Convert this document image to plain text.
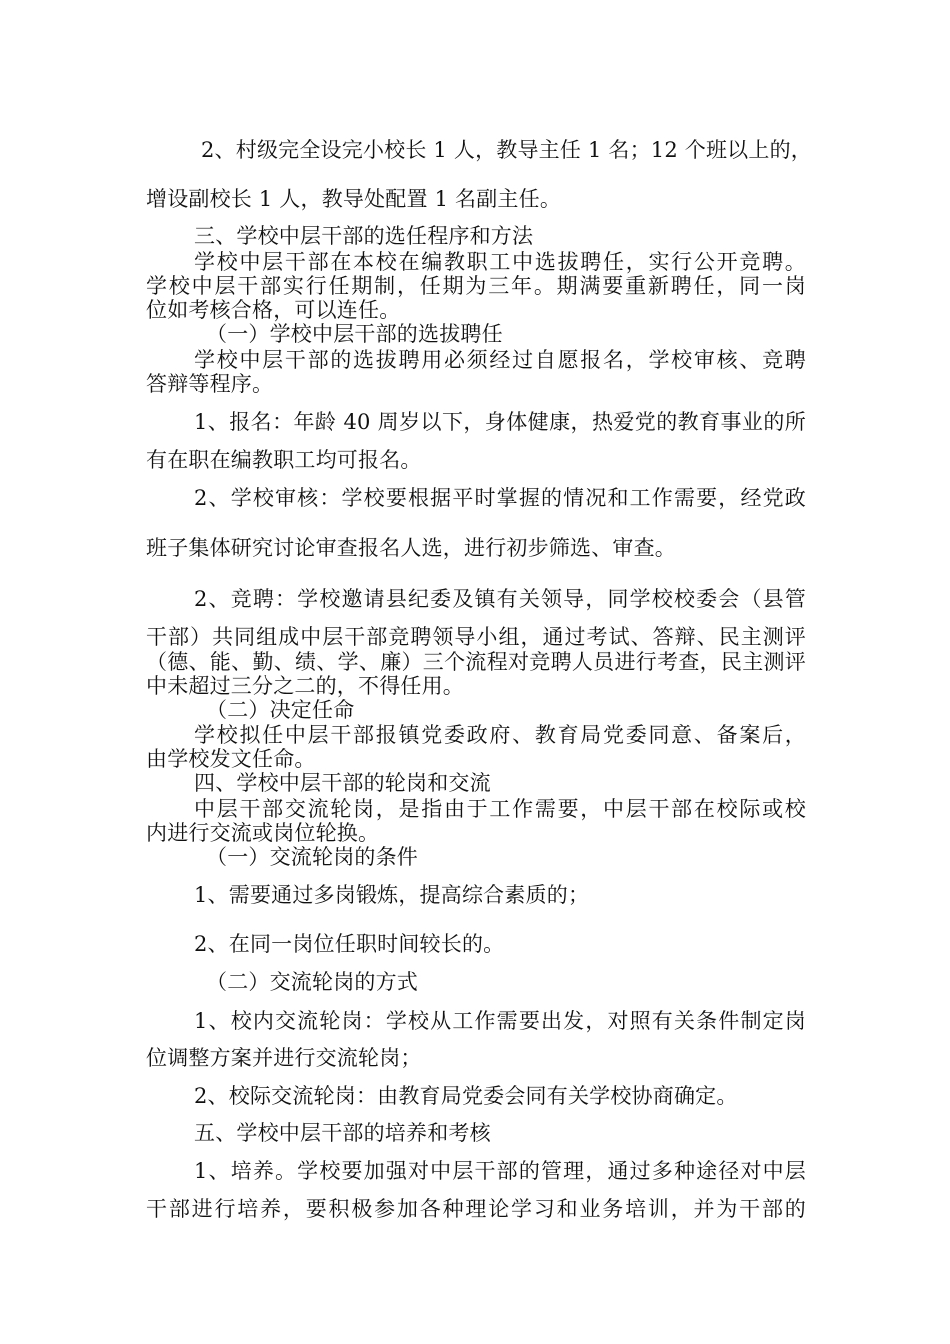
2、村级完全设完小校长 1 人，教导主任 1 名；12 个班以上的，
增设副校长 1 人，教导处配置 1 名副主任。
三、学校中层干部的选任程序和方法
学校中层干部在本校在编教职工中选拔聘任，实行公开竞聘。
学校中层干部实行任期制，任期为三年。期满要重新聘任，同一岗
位如考核合格，可以连任。
（一）学校中层干部的选拔聘任
学校中层干部的选拔聘用必须经过自愿报名，学校审核、竞聘
答辩等程序。
1、报名：年龄 40 周岁以下，身体健康，热爱党的教育事业的所
有在职在编教职工均可报名。
2、学校审核：学校要根据平时掌握的情况和工作需要，经党政
班子集体研究讨论审查报名人选，进行初步筛选、审查。
2、竞聘：学校邀请县纪委及镇有关领导，同学校校委会（县管
干部）共同组成中层干部竞聘领导小组，通过考试、答辩、民主测评
（德、能、勤、绩、学、廉）三个流程对竞聘人员进行考查，民主测评
中未超过三分之二的，不得任用。
（二）决定任命
学校拟任中层干部报镇党委政府、教育局党委同意、备案后，
由学校发文任命。
四、学校中层干部的轮岗和交流
中层干部交流轮岗，是指由于工作需要，中层干部在校际或校
内进行交流或岗位轮换。
（一）交流轮岗的条件
1、需要通过多岗锻炼，提高综合素质的；
2、在同一岗位任职时间较长的。
（二）交流轮岗的方式
1、校内交流轮岗：学校从工作需要出发，对照有关条件制定岗
位调整方案并进行交流轮岗；
2、校际交流轮岗：由教育局党委会同有关学校协商确定。
五、学校中层干部的培养和考核
1、培养。学校要加强对中层干部的管理，通过多种途径对中层
干部进行培养，要积极参加各种理论学习和业务培训，并为干部的
